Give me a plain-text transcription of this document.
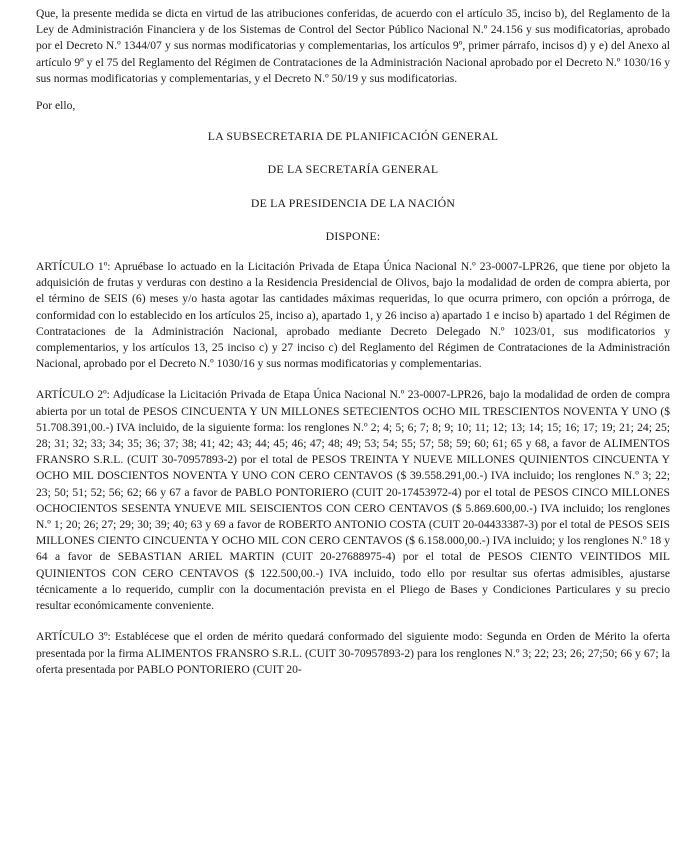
Que, la presente medida se dicta en virtud de las atribuciones conferidas, de acuerdo con el artículo 35, inciso b), del Reglamento de la Ley de Administración Financiera y de los Sistemas de Control del Sector Público Nacional N.º 24.156 y sus modificatorias, aprobado por el Decreto N.º 1344/07 y sus normas modificatorias y complementarias, los artículos 9º, primer párrafo, incisos d) y e) del Anexo al artículo 9º y el 75 del Reglamento del Régimen de Contrataciones de la Administración Nacional aprobado por el Decreto N.º 1030/16 y sus normas modificatorias y complementarias, y el Decreto N.º 50/19 y sus modificatorias.

Por ello,

LA SUBSECRETARIA DE PLANIFICACIÓN GENERAL

DE LA SECRETARÍA GENERAL

DE LA PRESIDENCIA DE LA NACIÓN

DISPONE:

ARTÍCULO 1º: Apruébase lo actuado en la Licitación Privada de Etapa Única Nacional N.º 23-0007-LPR26, que tiene por objeto la adquisición de frutas y verduras con destino a la Residencia Presidencial de Olivos, bajo la modalidad de orden de compra abierta, por el término de SEIS (6) meses y/o hasta agotar las cantidades máximas requeridas, lo que ocurra primero, con opción a prórroga, de conformidad con lo establecido en los artículos 25, inciso a), apartado 1, y 26 inciso a) apartado 1 e inciso b) apartado 1 del Régimen de Contrataciones de la Administración Nacional, aprobado mediante Decreto Delegado N.º 1023/01, sus modificatorios y complementarios, y los artículos 13, 25 inciso c) y 27 inciso c) del Reglamento del Régimen de Contrataciones de la Administración Nacional, aprobado por el Decreto N.º 1030/16 y sus normas modificatorias y complementarias.

ARTÍCULO 2º: Adjudícase la Licitación Privada de Etapa Única Nacional N.º 23-0007-LPR26, bajo la modalidad de orden de compra abierta por un total de PESOS CINCUENTA Y UN MILLONES SETECIENTOS OCHO MIL TRESCIENTOS NOVENTA Y UNO ($ 51.708.391,00.-) IVA incluido, de la siguiente forma: los renglones N.º 2; 4; 5; 6; 7; 8; 9; 10; 11; 12; 13; 14; 15; 16; 17; 19; 21; 24; 25; 28; 31; 32; 33; 34; 35; 36; 37; 38; 41; 42; 43; 44; 45; 46; 47; 48; 49; 53; 54; 55; 57; 58; 59; 60; 61; 65 y 68, a favor de ALIMENTOS FRANSRO S.R.L. (CUIT 30-70957893-2) por el total de PESOS TREINTA Y NUEVE MILLONES QUINIENTOS CINCUENTA Y OCHO MIL DOSCIENTOS NOVENTA Y UNO CON CERO CENTAVOS ($ 39.558.291,00.-) IVA incluido; los renglones N.º 3; 22; 23; 50; 51; 52; 56; 62; 66 y 67 a favor de PABLO PONTORIERO (CUIT 20-17453972-4) por el total de PESOS CINCO MILLONES OCHOCIENTOS SESENTA YNUEVE MIL SEISCIENTOS CON CERO CENTAVOS ($ 5.869.600,00.-) IVA incluido; los renglones N.º 1; 20; 26; 27; 29; 30; 39; 40; 63 y 69 a favor de ROBERTO ANTONIO COSTA (CUIT 20-04433387-3) por el total de PESOS SEIS MILLONES CIENTO CINCUENTA Y OCHO MIL CON CERO CENTAVOS ($ 6.158.000,00.-) IVA incluido; y los renglones N.º 18 y 64 a favor de SEBASTIAN ARIEL MARTIN (CUIT 20-27688975-4) por el total de PESOS CIENTO VEINTIDOS MIL QUINIENTOS CON CERO CENTAVOS ($ 122.500,00.-) IVA incluido, todo ello por resultar sus ofertas admisibles, ajustarse técnicamente a lo requerido, cumplir con la documentación prevista en el Pliego de Bases y Condiciones Particulares y su precio resultar económicamente conveniente.

ARTÍCULO 3º: Establécese que el orden de mérito quedará conformado del siguiente modo: Segunda en Orden de Mérito la oferta presentada por la firma ALIMENTOS FRANSRO S.R.L. (CUIT 30-70957893-2) para los renglones N.º 3; 22; 23; 26; 27;50; 66 y 67; la oferta presentada por PABLO PONTORIERO (CUIT 20-
